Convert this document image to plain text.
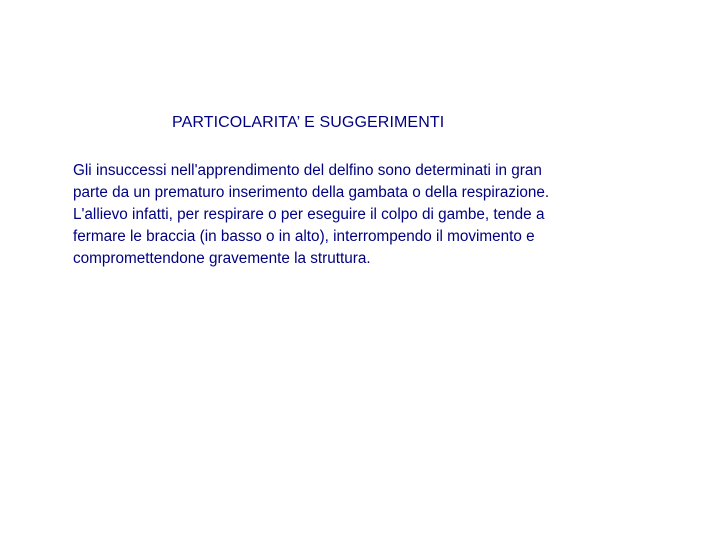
PARTICOLARITA’ E SUGGERIMENTI

Gli insuccessi nell'apprendimento del delfino sono determinati in gran
parte da un prematuro inserimento della gambata o della respirazione.
L'allievo infatti, per respirare o per eseguire il colpo di gambe, tende a
fermare le braccia (in basso o in alto), interrompendo il movimento e
compromettendone gravemente la struttura.
